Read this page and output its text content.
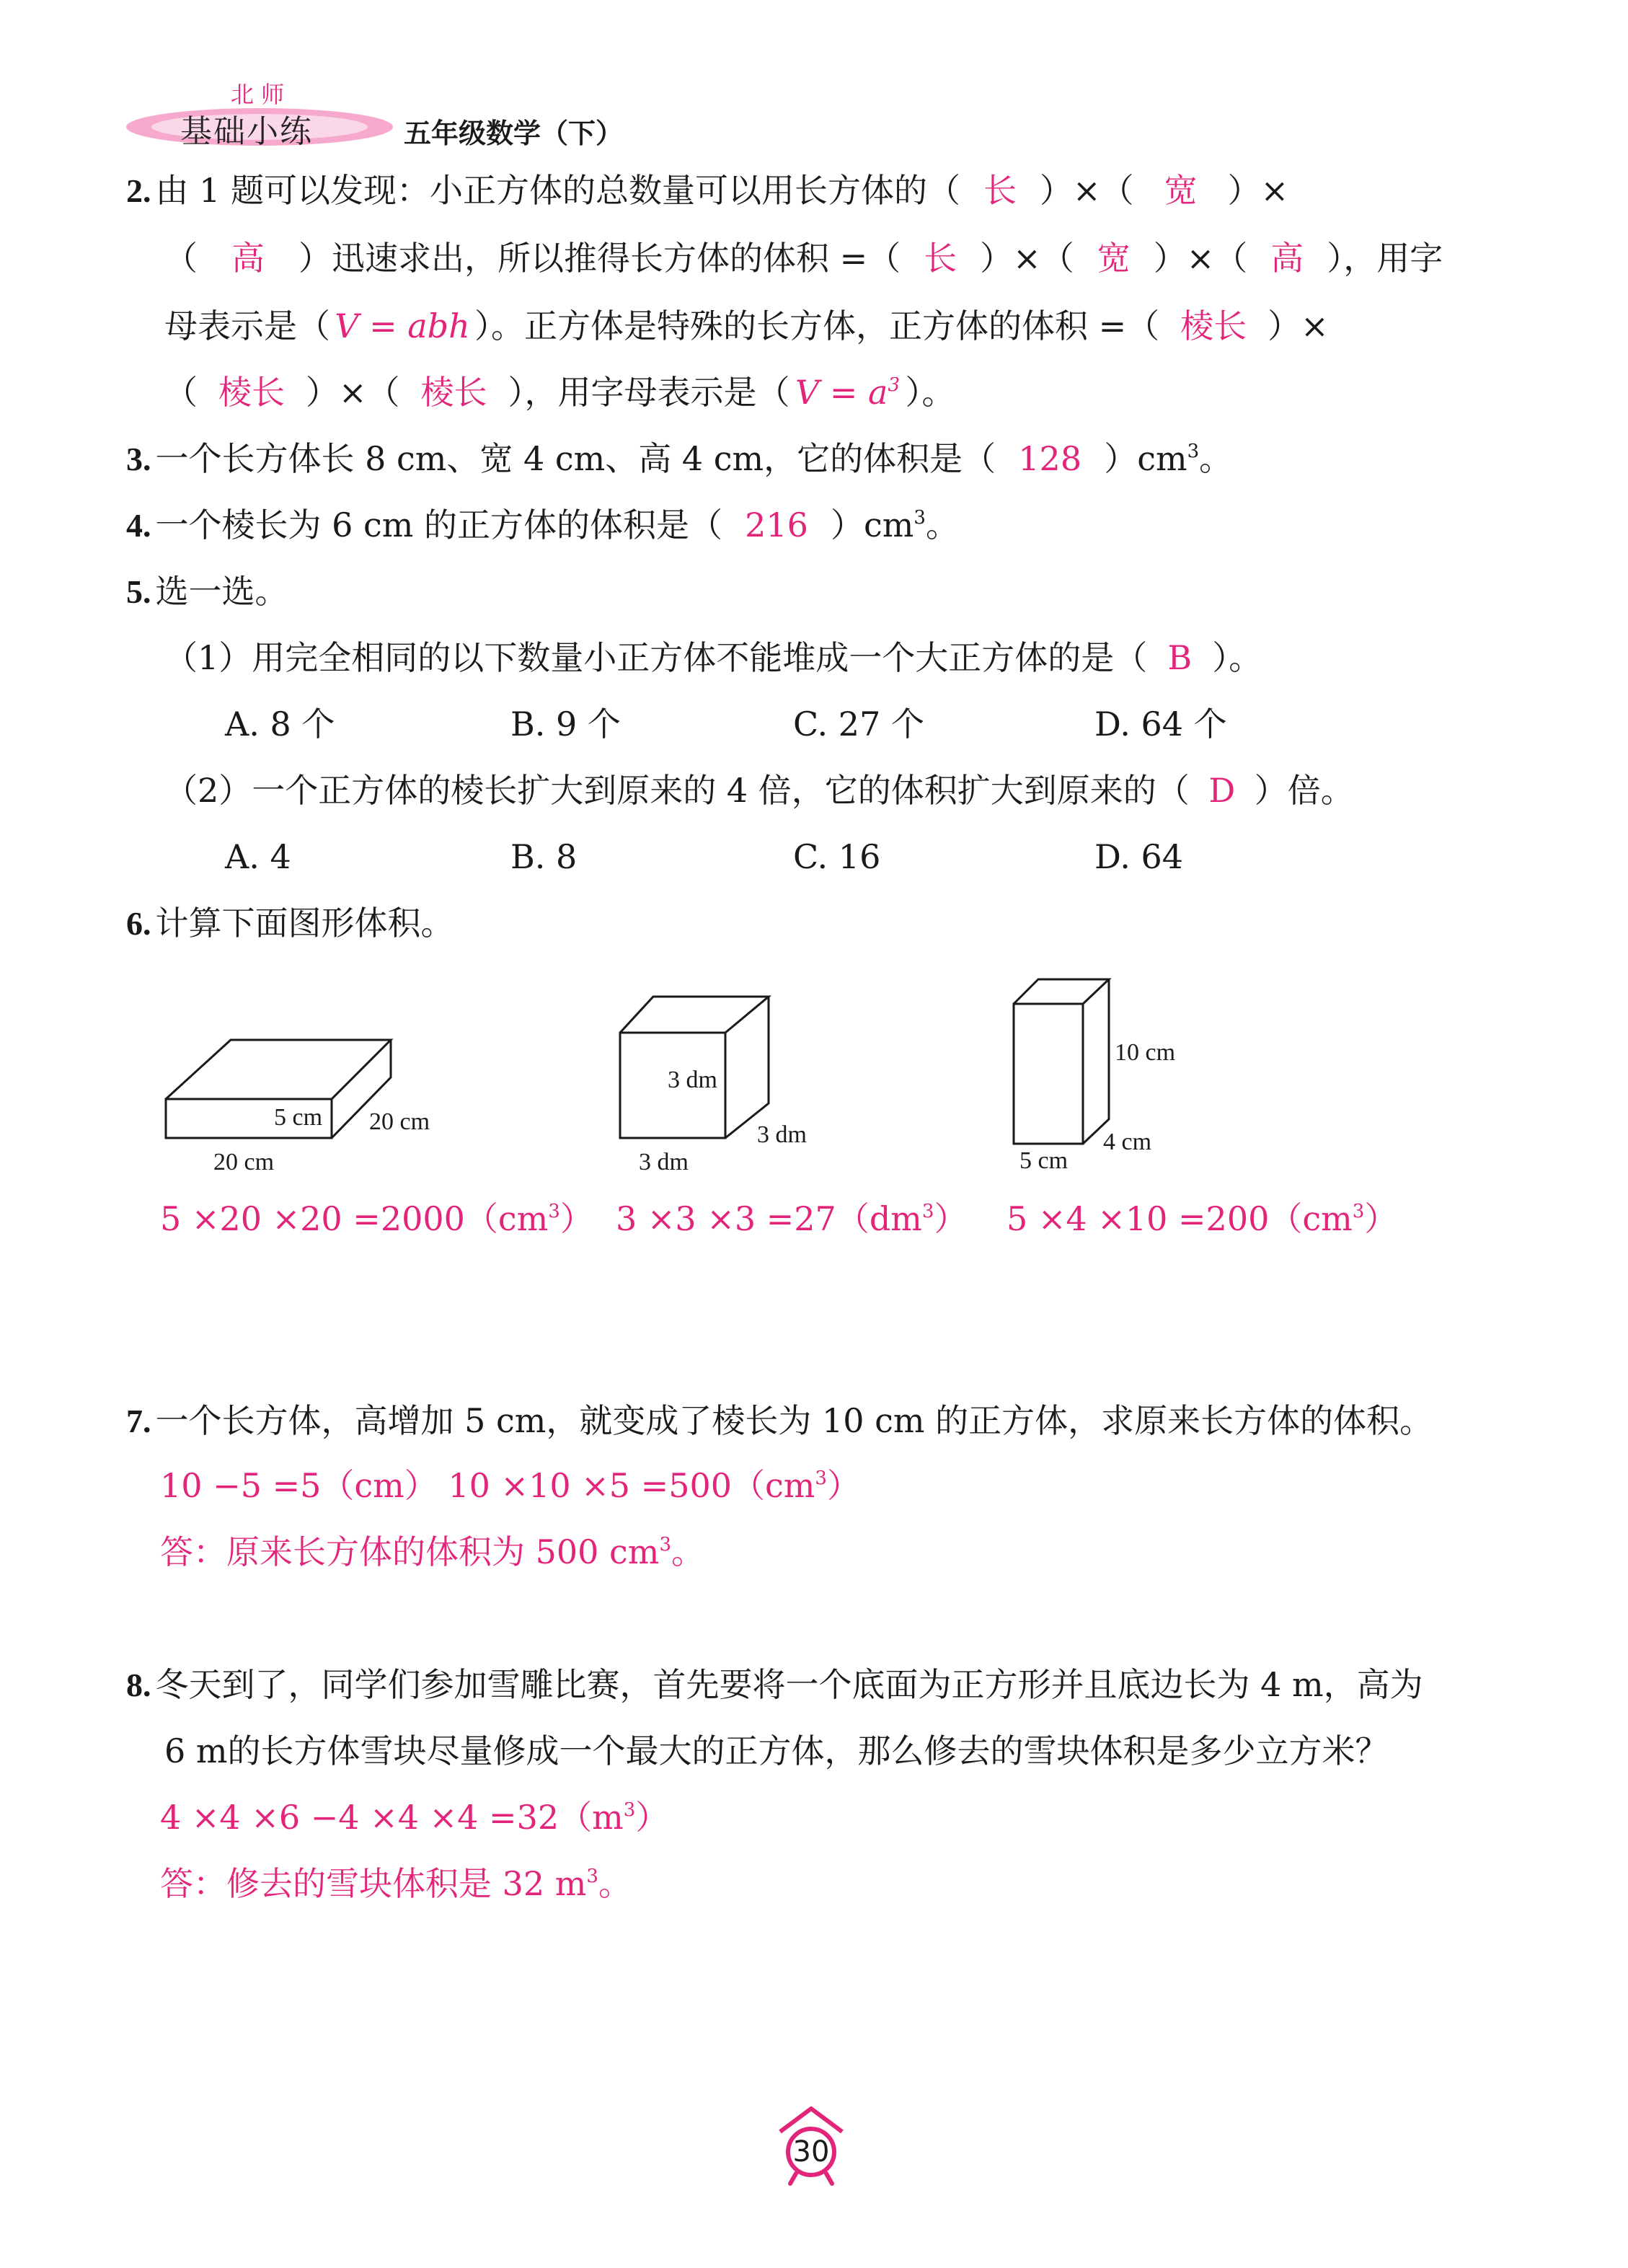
北 师
基础小练	五年级数学（下）
2. 由 1 题可以发现：小正方体的总数量可以用长方体的（ 长 ）×（ 宽 ）×
（ 高 ）迅速求出，所以推得长方体的体积 =（ 长 ）×（ 宽 ）×（ 高 ），用字
母表示是（ V = abh ）。正方体是特殊的长方体，正方体的体积 =（ 棱长 ）×
（ 棱长 ）×（ 棱长 ），用字母表示是（ $V = a^3$ ）。
3. 一个长方体长 8 cm、宽 4 cm、高 4 cm，它的体积是（ 128 ）$cm^3$。
4. 一个棱长为 6 cm 的正方体的体积是（ 216 ）$cm^3$。
5. 选一选。
（1）用完全相同的以下数量小正方体不能堆成一个大正方体的是（ B ）。
A. 8 个	B. 9 个	C. 27 个	D. 64 个
（2）一个正方体的棱长扩大到原来的 4 倍，它的体积扩大到原来的（ D ）倍。
A. 4	B. 8	C. 16	D. 64
6. 计算下面图形体积。
5 cm 20 cm
20 cm
3 dm
3 dm
3 dm
10 cm
4 cm
5 cm
$5 \times 20 \times 20 =2000(cm^3)$ $3 \times 3 \times 3 =27(dm^3)$ $5 \times 4 \times 10 =200(cm^3)$
7. 一个长方体，高增加 5 cm，就变成了棱长为 10 cm 的正方体，求原来长方体的体积。
10 −5 =5（cm） $10 \times 10 \times 5 =500(cm^3)$
答：原来长方体的体积为 500 $cm^3$。
8. 冬天到了，同学们参加雪雕比赛，首先要将一个底面为正方形并且底边长为 4 m，高为
6 m的长方体雪块尽量修成一个最大的正方体，那么修去的雪块体积是多少立方米？
$4 \times 4 \times 6 -4 \times 4 \times 4 =32(m^3)$
答：修去的雪块体积是 32 $m^3$。
30
